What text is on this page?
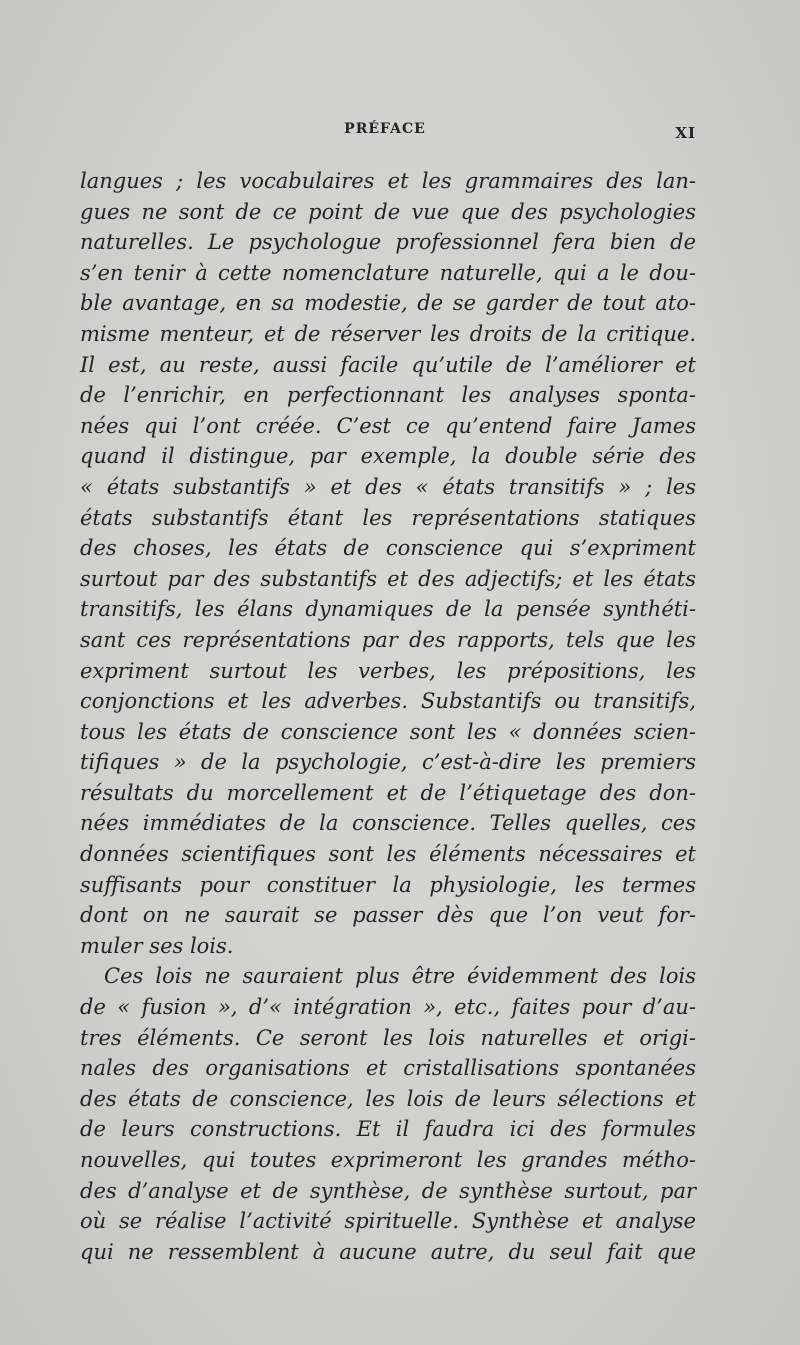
PRÉFACE	XI
langues ; les vocabulaires et les grammaires des lan-
gues ne sont de ce point de vue que des psychologies
naturelles. Le psychologue professionnel fera bien de
s’en tenir à cette nomenclature naturelle, qui a le dou-
ble avantage, en sa modestie, de se garder de tout ato-
misme menteur, et de réserver les droits de la critique.
Il est, au reste, aussi facile qu’utile de l’améliorer et
de l’enrichir, en perfectionnant les analyses sponta-
nées qui l’ont créée. C’est ce qu’entend faire James
quand il distingue, par exemple, la double série des
« états substantifs » et des « états transitifs » ; les
états substantifs étant les représentations statiques
des choses, les états de conscience qui s’expriment
surtout par des substantifs et des adjectifs; et les états
transitifs, les élans dynamiques de la pensée synthéti-
sant ces représentations par des rapports, tels que les
expriment surtout les verbes, les prépositions, les
conjonctions et les adverbes. Substantifs ou transitifs,
tous les états de conscience sont les « données scien-
tifiques » de la psychologie, c’est-à-dire les premiers
résultats du morcellement et de l’étiquetage des don-
nées immédiates de la conscience. Telles quelles, ces
données scientifiques sont les éléments nécessaires et
suffisants pour constituer la physiologie, les termes
dont on ne saurait se passer dès que l’on veut for-
muler ses lois.
Ces lois ne sauraient plus être évidemment des lois
de « fusion », d’« intégration », etc., faites pour d’au-
tres éléments. Ce seront les lois naturelles et origi-
nales des organisations et cristallisations spontanées
des états de conscience, les lois de leurs sélections et
de leurs constructions. Et il faudra ici des formules
nouvelles, qui toutes exprimeront les grandes métho-
des d’analyse et de synthèse, de synthèse surtout, par
où se réalise l’activité spirituelle. Synthèse et analyse
qui ne ressemblent à aucune autre, du seul fait que
